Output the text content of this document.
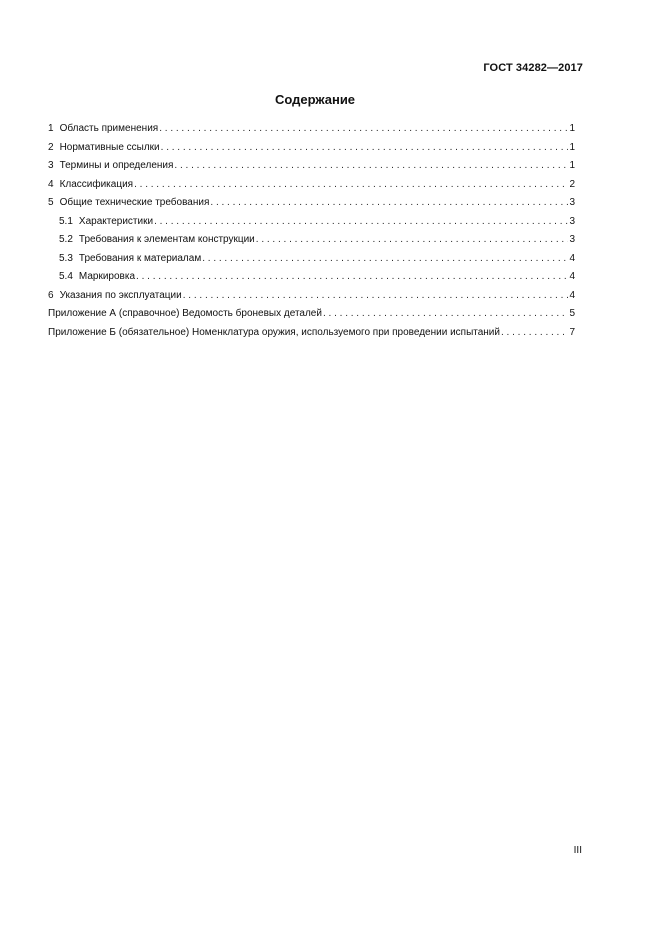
ГОСТ 34282—2017
Содержание
1 Область применения . . .	1
2 Нормативные ссылки . . .	1
3 Термины и определения . . .	1
4 Классификация . . .	2
5 Общие технические требования . . .	3
5.1 Характеристики . . .	3
5.2 Требования к элементам конструкции . . .	3
5.3 Требования к материалам . . .	4
5.4 Маркировка . . .	4
6 Указания по эксплуатации . . .	4
Приложение А (справочное) Ведомость броневых деталей . . .	5
Приложение Б (обязательное) Номенклатура оружия, используемого при проведении испытаний . . .	7
III
